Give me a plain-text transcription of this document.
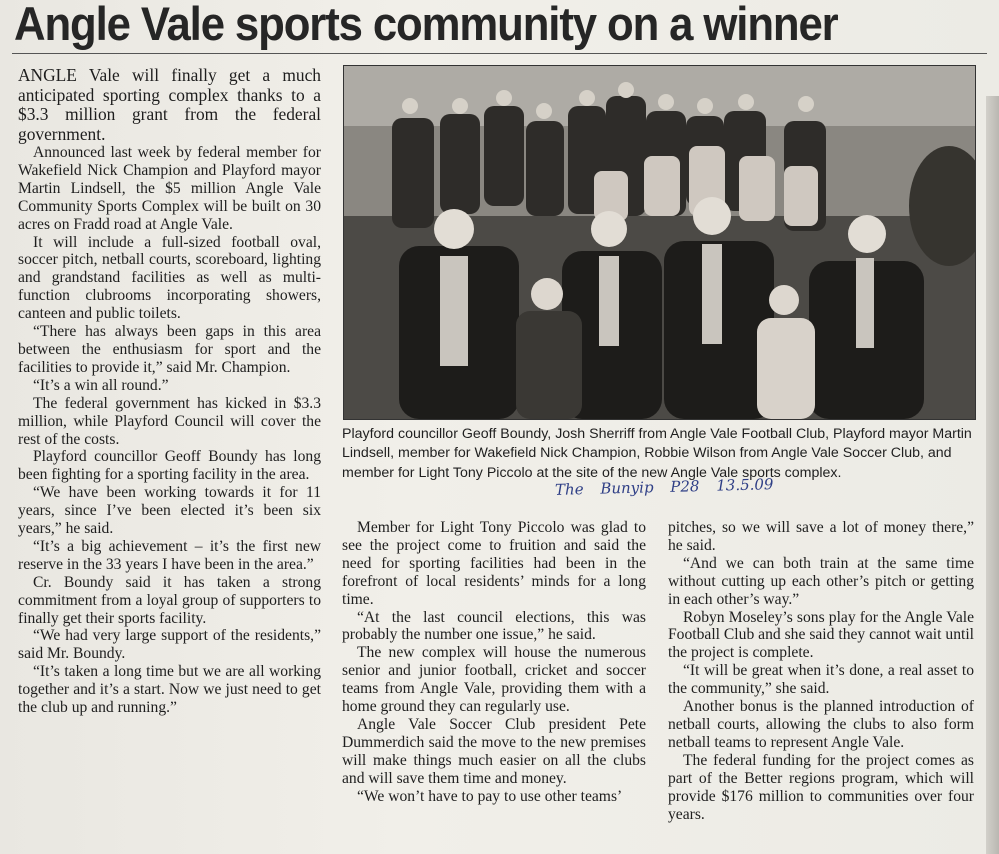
Angle Vale sports community on a winner

ANGLE Vale will finally get a much anticipated sporting complex thanks to a $3.3 million grant from the federal government.

Announced last week by federal member for Wakefield Nick Champion and Playford mayor Martin Lindsell, the $5 million Angle Vale Community Sports Complex will be built on 30 acres on Fradd road at Angle Vale.

It will include a full-sized football oval, soccer pitch, netball courts, scoreboard, lighting and grandstand facilities as well as multi-function clubrooms incorporating showers, canteen and public toilets.

“There has always been gaps in this area between the enthusiasm for sport and the facilities to provide it,” said Mr. Champion.

“It’s a win all round.”

The federal government has kicked in $3.3 million, while Playford Council will cover the rest of the costs.

Playford councillor Geoff Boundy has long been fighting for a sporting facility in the area.

“We have been working towards it for 11 years, since I’ve been elected it’s been six years,” he said.

“It’s a big achievement – it’s the first new reserve in the 33 years I have been in the area.”

Cr. Boundy said it has taken a strong commitment from a loyal group of supporters to finally get their sports facility.

“We had very large support of the residents,” said Mr. Boundy.

“It’s taken a long time but we are all working together and it’s a start. Now we just need to get the club up and running.”

Playford councillor Geoff Boundy, Josh Sherriff from Angle Vale Football Club, Playford mayor Martin Lindsell, member for Wakefield Nick Champion, Robbie Wilson from Angle Vale Soccer Club, and member for Light Tony Piccolo at the site of the new Angle Vale sports complex.
The Bunyip P28 13.5.09

Member for Light Tony Piccolo was glad to see the project come to fruition and said the need for sporting facilities had been in the forefront of local residents’ minds for a long time.

“At the last council elections, this was probably the number one issue,” he said.

The new complex will house the numerous senior and junior football, cricket and soccer teams from Angle Vale, providing them with a home ground they can regularly use.

Angle Vale Soccer Club president Pete Dummerdich said the move to the new premises will make things much easier on all the clubs and will save them time and money.

“We won’t have to pay to use other teams’

pitches, so we will save a lot of money there,” he said.

“And we can both train at the same time without cutting up each other’s pitch or getting in each other’s way.”

Robyn Moseley’s sons play for the Angle Vale Football Club and she said they cannot wait until the project is complete.

“It will be great when it’s done, a real asset to the community,” she said.

Another bonus is the planned introduction of netball courts, allowing the clubs to also form netball teams to represent Angle Vale.

The federal funding for the project comes as part of the Better regions program, which will provide $176 million to communities over four years.
